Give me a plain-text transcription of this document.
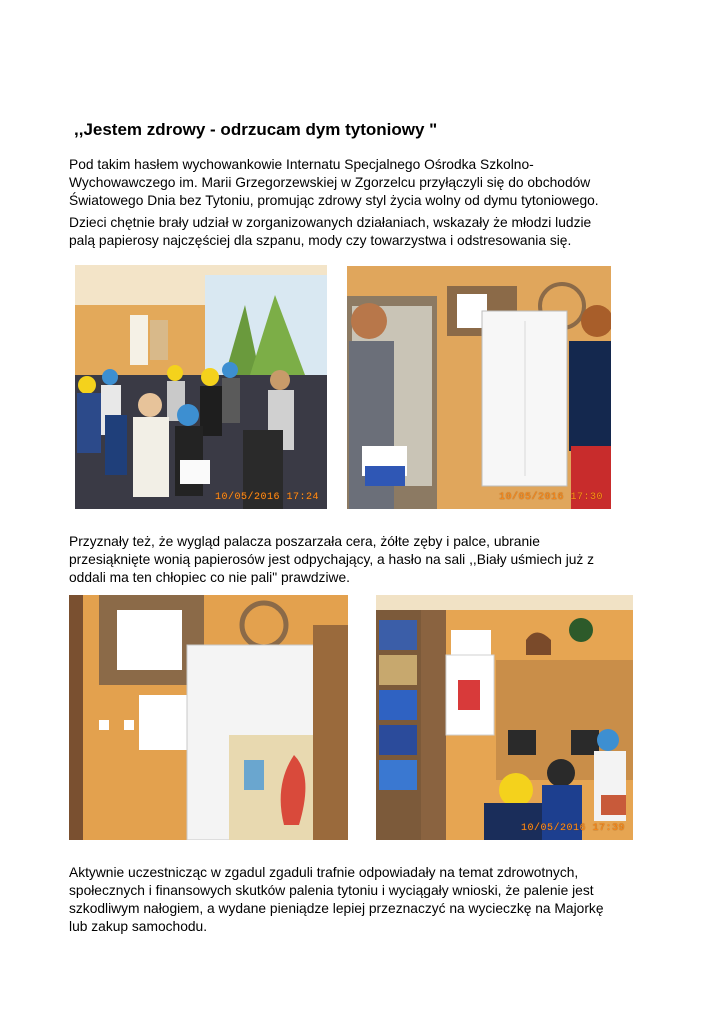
,,Jestem zdrowy - odrzucam dym tytoniowy "
Pod takim hasłem wychowankowie Internatu Specjalnego Ośrodka Szkolno-
Wychowawczego im. Marii Grzegorzewskiej w Zgorzelcu przyłączyli się do obchodów
Światowego Dnia bez Tytoniu, promując zdrowy styl życia wolny od dymu tytoniowego.
Dzieci chętnie brały udział w zorganizowanych działaniach, wskazały że młodzi ludzie
palą papierosy najczęściej dla szpanu, mody czy towarzystwa i odstresowania się.
10/05/2016 17:24	10/05/2016 17:30
Przyznały też, że wygląd palacza poszarzała cera, żółte zęby i palce, ubranie
przesiąknięte wonią papierosów jest odpychający, a hasło na sali ,,Biały uśmiech już z
oddali ma ten chłopiec co nie pali" prawdziwe.
10/05/2016 17:39
Aktywnie uczestnicząc w zgadul zgaduli trafnie odpowiadały na temat zdrowotnych,
społecznych i finansowych skutków palenia tytoniu i wyciągały wnioski, że palenie jest
szkodliwym nałogiem, a wydane pieniądze lepiej przeznaczyć na wycieczkę na Majorkę
lub zakup samochodu.
